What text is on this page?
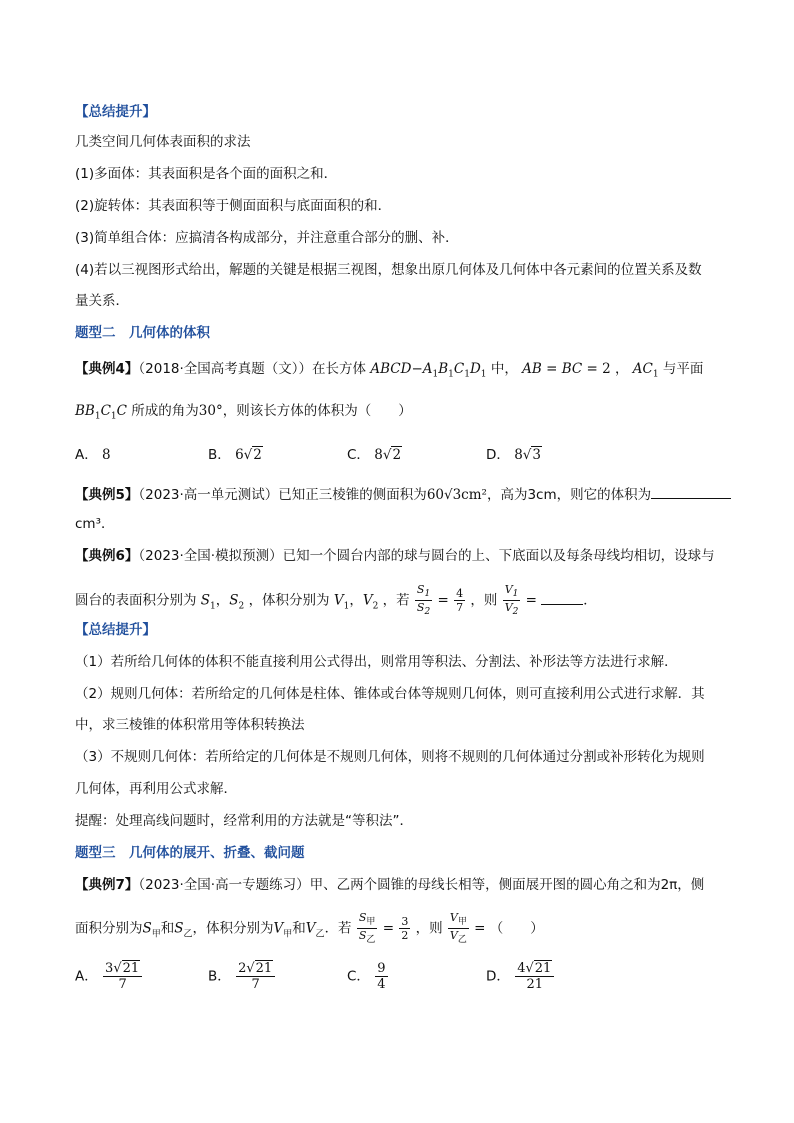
【总结提升】
几类空间几何体表面积的求法
(1)多面体：其表面积是各个面的面积之和．
(2)旋转体：其表面积等于侧面面积与底面面积的和．
(3)简单组合体：应搞清各构成部分，并注意重合部分的删、补．
(4)若以三视图形式给出，解题的关键是根据三视图，想象出原几何体及几何体中各元素间的位置关系及数
量关系．
题型二　几何体的体积
【典例4】（2018·全国高考真题（文））在长方体 $ABCD-A_1B_1C_1D_1$ 中， AB = BC = 2 ， $AC_1$ 与平面
$BB_1C_1C$ 所成的角为30°，则该长方体的体积为（　　）
A． 8	B． 6√2	C． 8√2	D． 8√3
【典例5】（2023·高一单元测试）已知正三棱锥的侧面积为60√3cm²，高为3cm，则它的体积为
cm³．
【典例6】（2023·全国·模拟预测）已知一个圆台内部的球与圆台的上、下底面以及每条母线均相切，设球与
圆台的表面积分别为 $S_1$，$S_2$ ，体积分别为 $V_1$，$V_2$ ，若 $\frac{S_1}{S_2} = \frac{4}{7}$ ，则 $\frac{V_1}{V_2}$ =	．
【总结提升】
（1）若所给几何体的体积不能直接利用公式得出，则常用等积法、分割法、补形法等方法进行求解．
（2）规则几何体：若所给定的几何体是柱体、锥体或台体等规则几何体，则可直接利用公式进行求解．其
中，求三棱锥的体积常用等体积转换法
（3）不规则几何体：若所给定的几何体是不规则几何体，则将不规则的几何体通过分割或补形转化为规则
几何体，再利用公式求解．
提醒：处理高线问题时，经常利用的方法就是“等积法”．
题型三　几何体的展开、折叠、截问题
【典例7】（2023·全国·高一专题练习）甲、乙两个圆锥的母线长相等，侧面展开图的圆心角之和为2π，侧
面积分别为$S_甲$和$S_乙$，体积分别为$V_甲$和$V_乙$．若 $\frac{S_甲}{S_乙} = \frac{3}{2}$ ，则 $\frac{V_甲}{V_乙}$ = （　　）
A． $\frac{3√21}{7}$	B． $\frac{2√21}{7}$	C． $\frac{9}{4}$	D． $\frac{4√21}{21}$
